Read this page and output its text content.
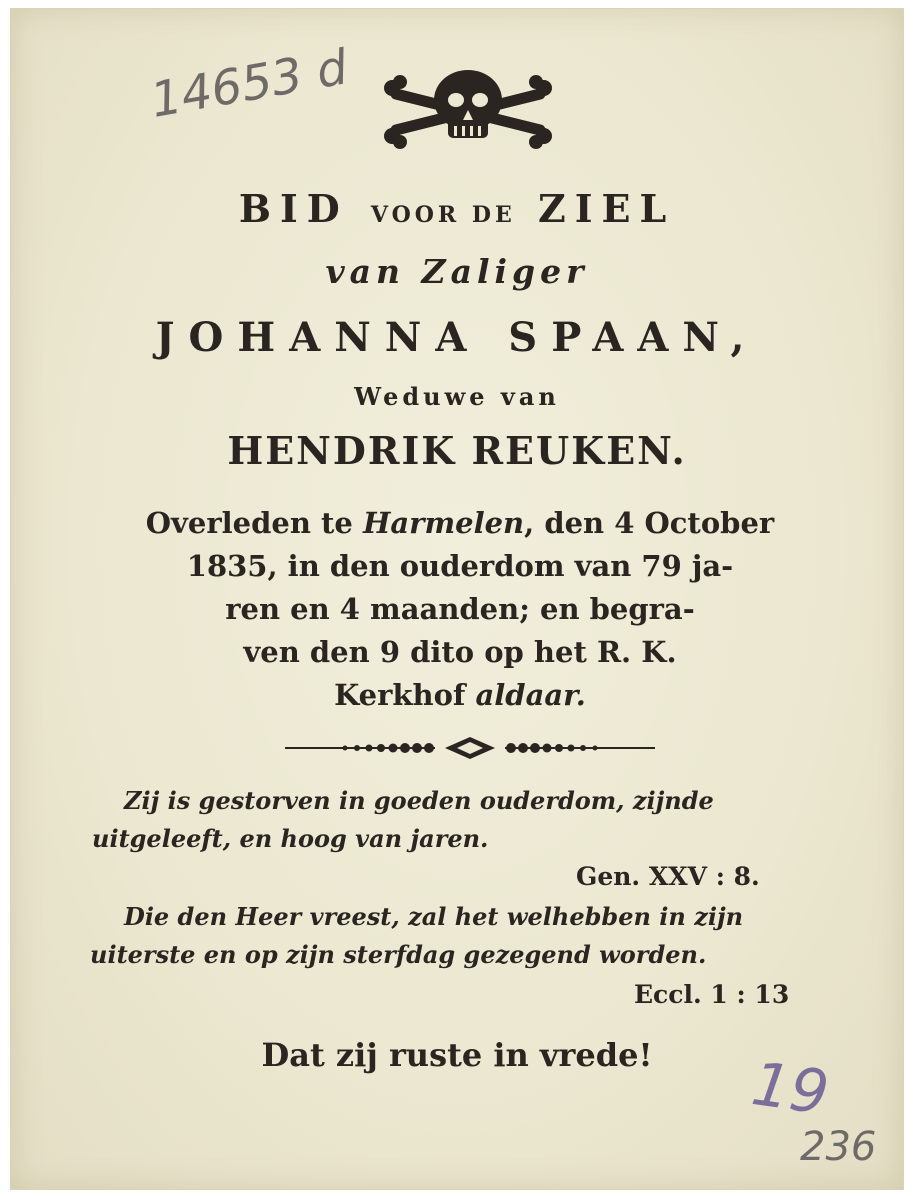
14653 d
BID VOOR DE ZIEL
van Zaliger
JOHANNA SPAAN,
Weduwe van
HENDRIK REUKEN.
Overleden te Harmelen, den 4 October
1835, in den ouderdom van 79 ja-
ren en 4 maanden; en begra-
ven den 9 dito op het R. K.
Kerkhof aldaar.
Zij is gestorven in goeden ouderdom, zijnde
uitgeleeft, en hoog van jaren.
Gen. XXV : 8.
Die den Heer vreest, zal het welhebben in zijn
uiterste en op zijn sterfdag gezegend worden.
Eccl. 1 : 13
Dat zij ruste in vrede!	19
236
